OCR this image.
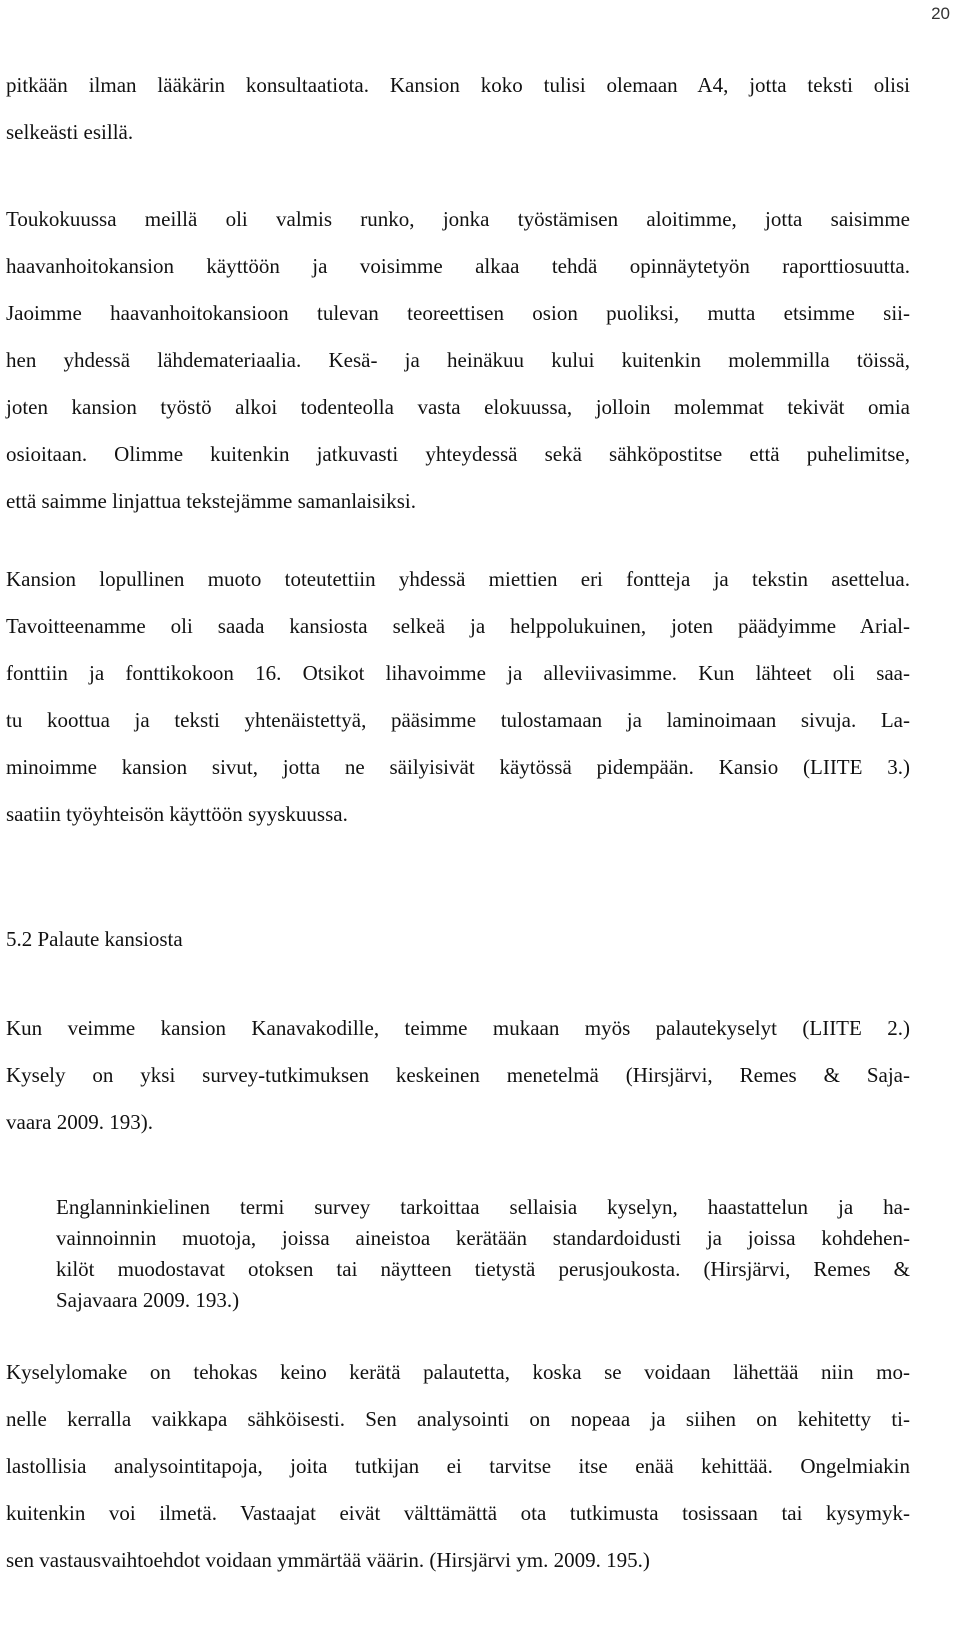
20

pitkään ilman lääkärin konsultaatiota. Kansion koko tulisi olemaan A4, jotta teksti olisi
selkeästi esillä.

Toukokuussa meillä oli valmis runko, jonka työstämisen aloitimme, jotta saisimme
haavanhoitokansion käyttöön ja voisimme alkaa tehdä opinnäytetyön raporttiosuutta.
Jaoimme haavanhoitokansioon tulevan teoreettisen osion puoliksi, mutta etsimme sii-
hen yhdessä lähdemateriaalia. Kesä- ja heinäkuu kului kuitenkin molemmilla töissä,
joten kansion työstö alkoi todenteolla vasta elokuussa, jolloin molemmat tekivät omia
osioitaan. Olimme kuitenkin jatkuvasti yhteydessä sekä sähköpostitse että puhelimitse,
että saimme linjattua tekstejämme samanlaisiksi.

Kansion lopullinen muoto toteutettiin yhdessä miettien eri fontteja ja tekstin asettelua.
Tavoitteenamme oli saada kansiosta selkeä ja helppolukuinen, joten päädyimme Arial-
fonttiin ja fonttikokoon 16. Otsikot lihavoimme ja alleviivasimme. Kun lähteet oli saa-
tu koottua ja teksti yhtenäistettyä, pääsimme tulostamaan ja laminoimaan sivuja. La-
minoimme kansion sivut, jotta ne säilyisivät käytössä pidempään. Kansio (LIITE 3.)
saatiin työyhteisön käyttöön syyskuussa.

5.2 Palaute kansiosta

Kun veimme kansion Kanavakodille, teimme mukaan myös palautekyselyt (LIITE 2.)
Kysely on yksi survey-tutkimuksen keskeinen menetelmä (Hirsjärvi, Remes & Saja-
vaara 2009. 193).

Englanninkielinen termi survey tarkoittaa sellaisia kyselyn, haastattelun ja ha-
vainnoinnin muotoja, joissa aineistoa kerätään standardoidusti ja joissa kohdehen-
kilöt muodostavat otoksen tai näytteen tietystä perusjoukosta. (Hirsjärvi, Remes &
Sajavaara 2009. 193.)

Kyselylomake on tehokas keino kerätä palautetta, koska se voidaan lähettää niin mo-
nelle kerralla vaikkapa sähköisesti. Sen analysointi on nopeaa ja siihen on kehitetty ti-
lastollisia analysointitapoja, joita tutkijan ei tarvitse itse enää kehittää. Ongelmiakin
kuitenkin voi ilmetä. Vastaajat eivät välttämättä ota tutkimusta tosissaan tai kysymyk-
sen vastausvaihtoehdot voidaan ymmärtää väärin. (Hirsjärvi ym. 2009. 195.)
